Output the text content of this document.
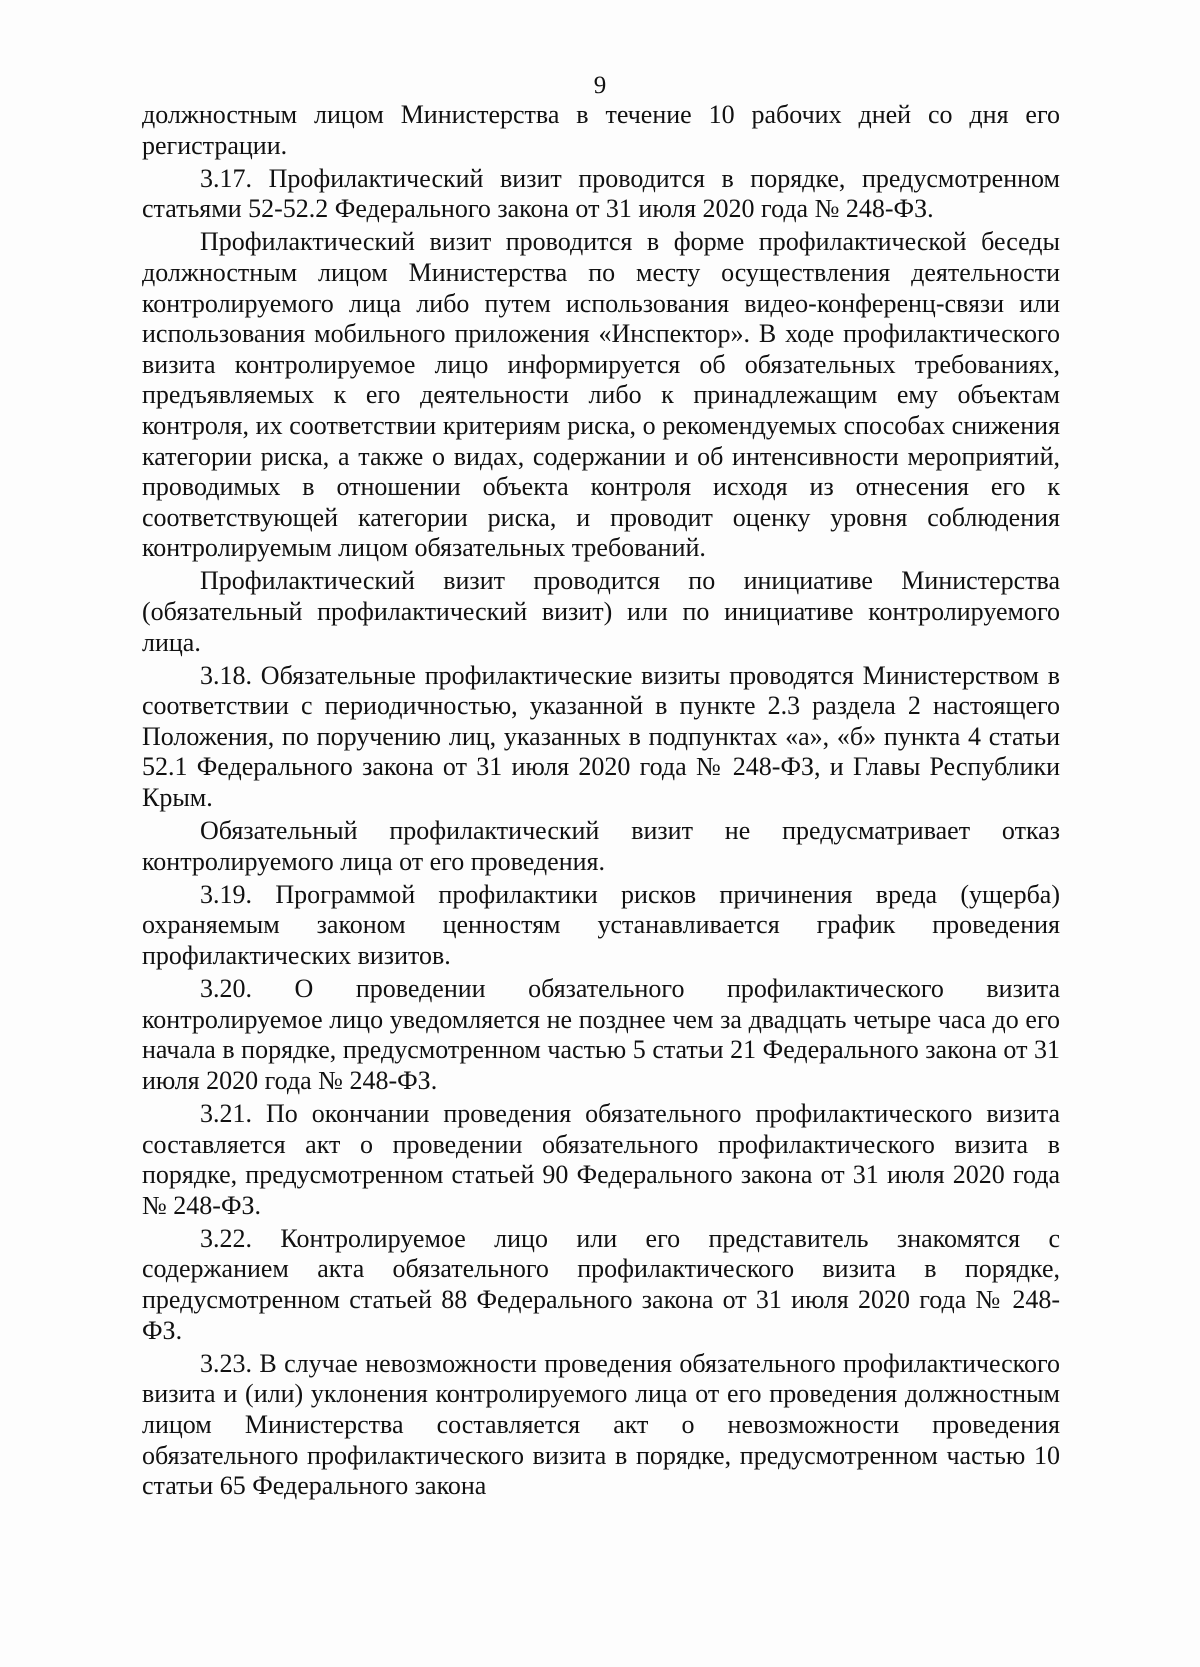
9

должностным лицом Министерства в течение 10 рабочих дней со дня его регистрации.

3.17. Профилактический визит проводится в порядке, предусмотренном статьями 52-52.2 Федерального закона от 31 июля 2020 года № 248-ФЗ.

Профилактический визит проводится в форме профилактической беседы должностным лицом Министерства по месту осуществления деятельности контролируемого лица либо путем использования видео-конференц-связи или использования мобильного приложения «Инспектор». В ходе профилактического визита контролируемое лицо информируется об обязательных требованиях, предъявляемых к его деятельности либо к принадлежащим ему объектам контроля, их соответствии критериям риска, о рекомендуемых способах снижения категории риска, а также о видах, содержании и об интенсивности мероприятий, проводимых в отношении объекта контроля исходя из отнесения его к соответствующей категории риска, и проводит оценку уровня соблюдения контролируемым лицом обязательных требований.

Профилактический визит проводится по инициативе Министерства (обязательный профилактический визит) или по инициативе контролируемого лица.

3.18. Обязательные профилактические визиты проводятся Министерством в соответствии с периодичностью, указанной в пункте 2.3 раздела 2 настоящего Положения, по поручению лиц, указанных в подпунктах «а», «б» пункта 4 статьи 52.1 Федерального закона от 31 июля 2020 года № 248-ФЗ, и Главы Республики Крым.

Обязательный профилактический визит не предусматривает отказ контролируемого лица от его проведения.

3.19. Программой профилактики рисков причинения вреда (ущерба) охраняемым законом ценностям устанавливается график проведения профилактических визитов.

3.20. О проведении обязательного профилактического визита контролируемое лицо уведомляется не позднее чем за двадцать четыре часа до его начала в порядке, предусмотренном частью 5 статьи 21 Федерального закона от 31 июля 2020 года № 248-ФЗ.

3.21. По окончании проведения обязательного профилактического визита составляется акт о проведении обязательного профилактического визита в порядке, предусмотренном статьей 90 Федерального закона от 31 июля 2020 года № 248-ФЗ.

3.22. Контролируемое лицо или его представитель знакомятся с содержанием акта обязательного профилактического визита в порядке, предусмотренном статьей 88 Федерального закона от 31 июля 2020 года № 248-ФЗ.

3.23. В случае невозможности проведения обязательного профилактического визита и (или) уклонения контролируемого лица от его проведения должностным лицом Министерства составляется акт о невозможности проведения обязательного профилактического визита в порядке, предусмотренном частью 10 статьи 65 Федерального закона
